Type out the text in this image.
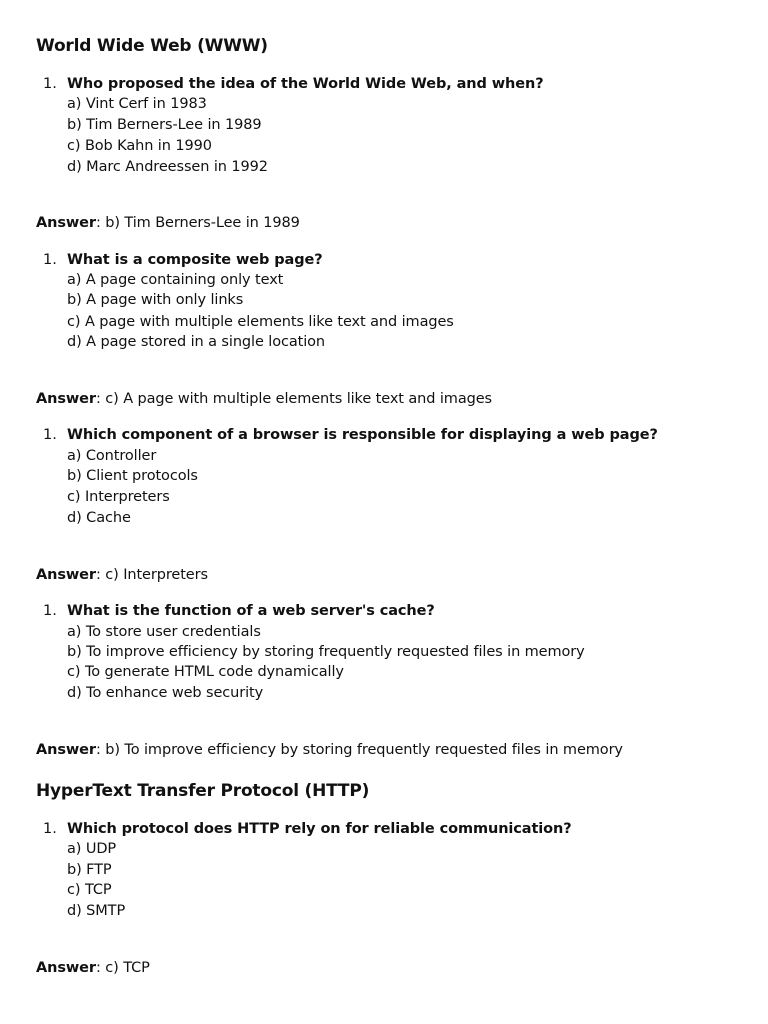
World Wide Web (WWW)
1. Who proposed the idea of the World Wide Web, and when?
a) Vint Cerf in 1983
b) Tim Berners-Lee in 1989
c) Bob Kahn in 1990
d) Marc Andreessen in 1992
Answer: b) Tim Berners-Lee in 1989
1. What is a composite web page?
a) A page containing only text
b) A page with only links
c) A page with multiple elements like text and images
d) A page stored in a single location
Answer: c) A page with multiple elements like text and images
1. Which component of a browser is responsible for displaying a web page?
a) Controller
b) Client protocols
c) Interpreters
d) Cache
Answer: c) Interpreters
1. What is the function of a web server's cache?
a) To store user credentials
b) To improve efficiency by storing frequently requested files in memory
c) To generate HTML code dynamically
d) To enhance web security
Answer: b) To improve efficiency by storing frequently requested files in memory
HyperText Transfer Protocol (HTTP)
1. Which protocol does HTTP rely on for reliable communication?
a) UDP
b) FTP
c) TCP
d) SMTP
Answer: c) TCP
